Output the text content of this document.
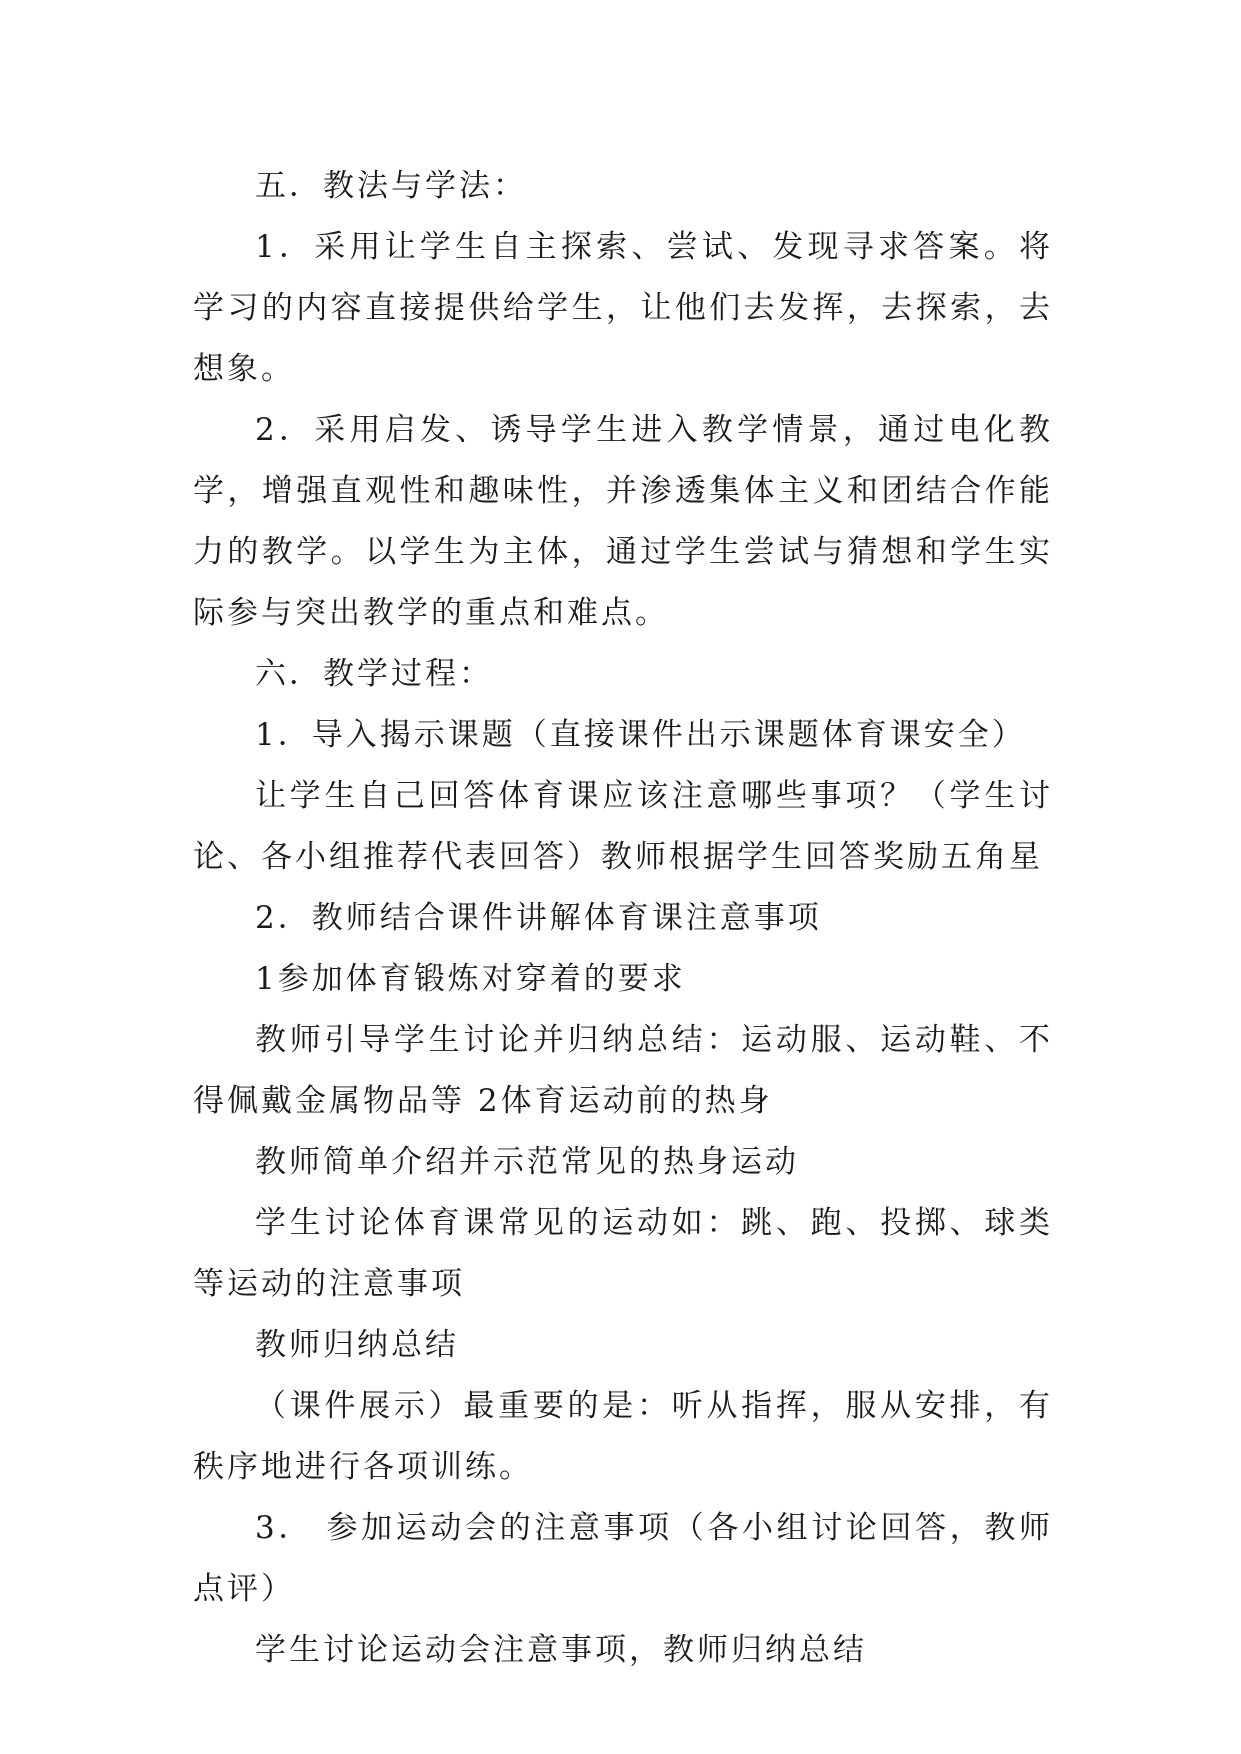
五．教法与学法：

1．采用让学生自主探索、尝试、发现寻求答案。将学习的内容直接提供给学生，让他们去发挥，去探索，去想象。

2．采用启发、诱导学生进入教学情景，通过电化教学，增强直观性和趣味性，并渗透集体主义和团结合作能力的教学。以学生为主体，通过学生尝试与猜想和学生实际参与突出教学的重点和难点。

六．教学过程：

1．导入揭示课题（直接课件出示课题体育课安全）

让学生自己回答体育课应该注意哪些事项？（学生讨论、各小组推荐代表回答）教师根据学生回答奖励五角星

2．教师结合课件讲解体育课注意事项

1参加体育锻炼对穿着的要求

教师引导学生讨论并归纳总结：运动服、运动鞋、不得佩戴金属物品等 2体育运动前的热身

教师简单介绍并示范常见的热身运动

学生讨论体育课常见的运动如：跳、跑、投掷、球类等运动的注意事项

教师归纳总结

（课件展示）最重要的是：听从指挥，服从安排，有秩序地进行各项训练。

3． 参加运动会的注意事项（各小组讨论回答，教师点评）

学生讨论运动会注意事项，教师归纳总结
